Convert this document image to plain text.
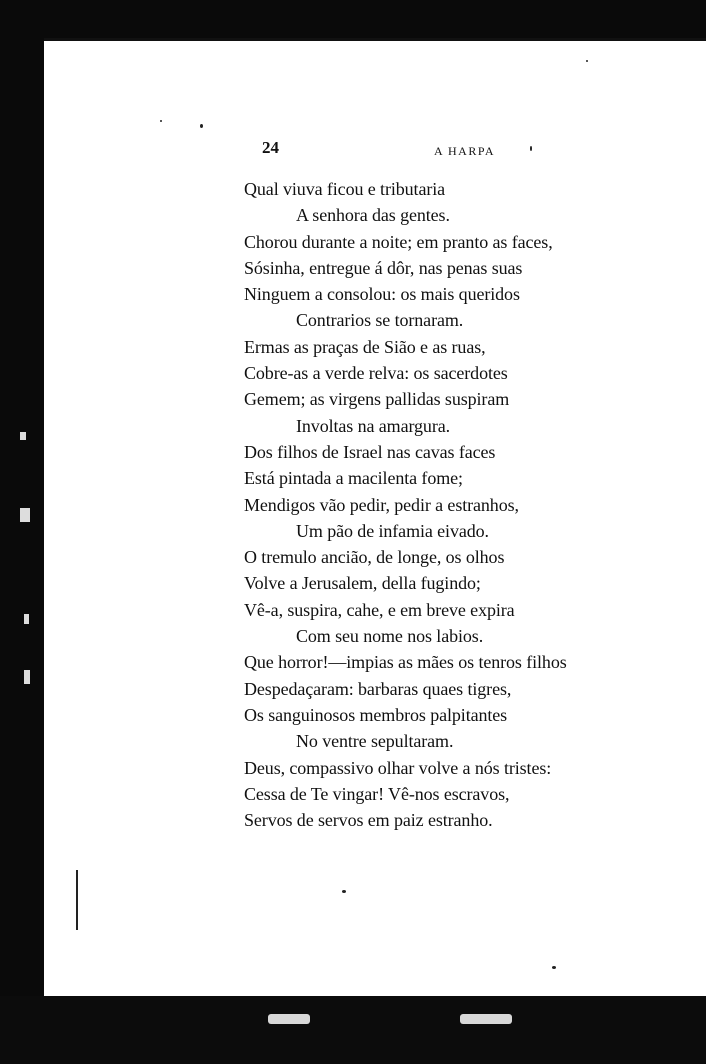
24	A HARPA
Qual viuva ficou e tributaria
A senhora das gentes.
Chorou durante a noite; em pranto as faces,
Sósinha, entregue á dôr, nas penas suas
Ninguem a consolou: os mais queridos
Contrarios se tornaram.
Ermas as praças de Sião e as ruas,
Cobre-as a verde relva: os sacerdotes
Gemem; as virgens pallidas suspiram
Involtas na amargura.
Dos filhos de Israel nas cavas faces
Está pintada a macilenta fome;
Mendigos vão pedir, pedir a estranhos,
Um pão de infamia eivado.
O tremulo ancião, de longe, os olhos
Volve a Jerusalem, della fugindo;
Vê-a, suspira, cahe, e em breve expira
Com seu nome nos labios.
Que horror!—impias as mães os tenros filhos
Despedaçaram: barbaras quaes tigres,
Os sanguinosos membros palpitantes
No ventre sepultaram.
Deus, compassivo olhar volve a nós tristes:
Cessa de Te vingar! Vê-nos escravos,
Servos de servos em paiz estranho.
